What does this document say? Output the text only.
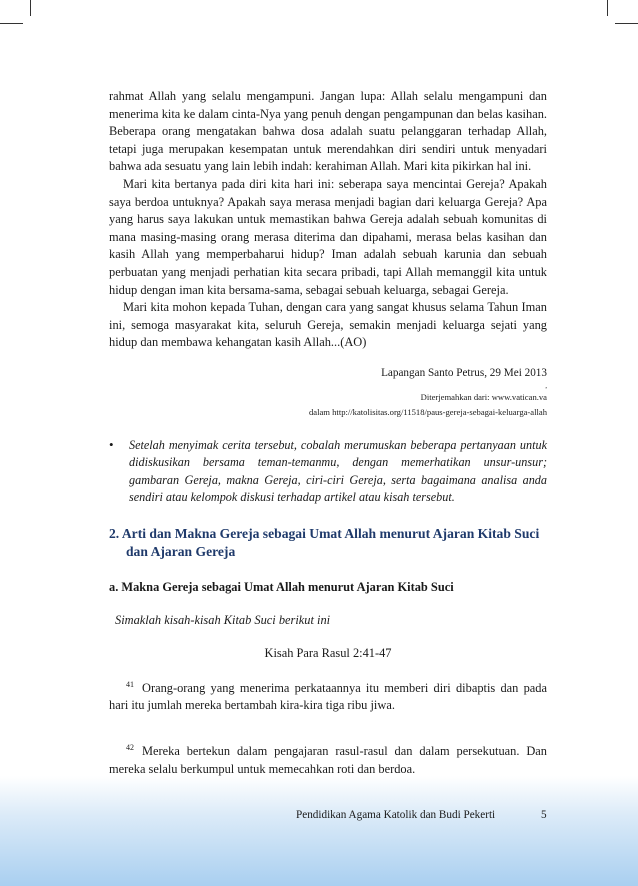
rahmat Allah yang selalu mengampuni. Jangan lupa: Allah selalu mengampuni dan menerima kita ke dalam cinta-Nya yang penuh dengan pengampunan dan belas kasihan. Beberapa orang mengatakan bahwa dosa adalah suatu pelanggaran terhadap Allah, tetapi juga merupakan kesempatan untuk merendahkan diri sendiri untuk menyadari bahwa ada sesuatu yang lain lebih indah: kerahiman Allah. Mari kita pikirkan hal ini.

Mari kita bertanya pada diri kita hari ini: seberapa saya mencintai Gereja? Apakah saya berdoa untuknya? Apakah saya merasa menjadi bagian dari keluarga Gereja? Apa yang harus saya lakukan untuk memastikan bahwa Gereja adalah sebuah komunitas di mana masing-masing orang merasa diterima dan dipahami, merasa belas kasihan dan kasih Allah yang memperbaharui hidup? Iman adalah sebuah karunia dan sebuah perbuatan yang menjadi perhatian kita secara pribadi, tapi Allah memanggil kita untuk hidup dengan iman kita bersama-sama, sebagai sebuah keluarga, sebagai Gereja.

Mari kita mohon kepada Tuhan, dengan cara yang sangat khusus selama Tahun Iman ini, semoga masyarakat kita, seluruh Gereja, semakin menjadi keluarga sejati yang hidup dan membawa kehangatan kasih Allah...(AO)

Lapangan Santo Petrus, 29 Mei 2013
,
Diterjemahkan dari: www.vatican.va
dalam http://katolisitas.org/11518/paus-gereja-sebagai-keluarga-allah
• Setelah menyimak cerita tersebut, cobalah merumuskan beberapa pertanyaan untuk didiskusikan bersama teman-temanmu, dengan memerhatikan unsur-unsur; gambaran Gereja, makna Gereja, ciri-ciri Gereja, serta bagaimana analisa anda sendiri atau kelompok diskusi terhadap artikel atau kisah tersebut.

2. Arti dan Makna Gereja sebagai Umat Allah menurut Ajaran Kitab Suci dan Ajaran Gereja
a. Makna Gereja sebagai Umat Allah menurut Ajaran Kitab Suci

Simaklah kisah-kisah Kitab Suci berikut ini

Kisah Para Rasul 2:41-47

$^{41}$ Orang-orang yang menerima perkataannya itu memberi diri dibaptis dan pada hari itu jumlah mereka bertambah kira-kira tiga ribu jiwa.

$^{42}$ Mereka bertekun dalam pengajaran rasul-rasul dan dalam persekutuan. Dan mereka selalu berkumpul untuk memecahkan roti dan berdoa.

Pendidikan Agama Katolik dan Budi Pekerti	5
